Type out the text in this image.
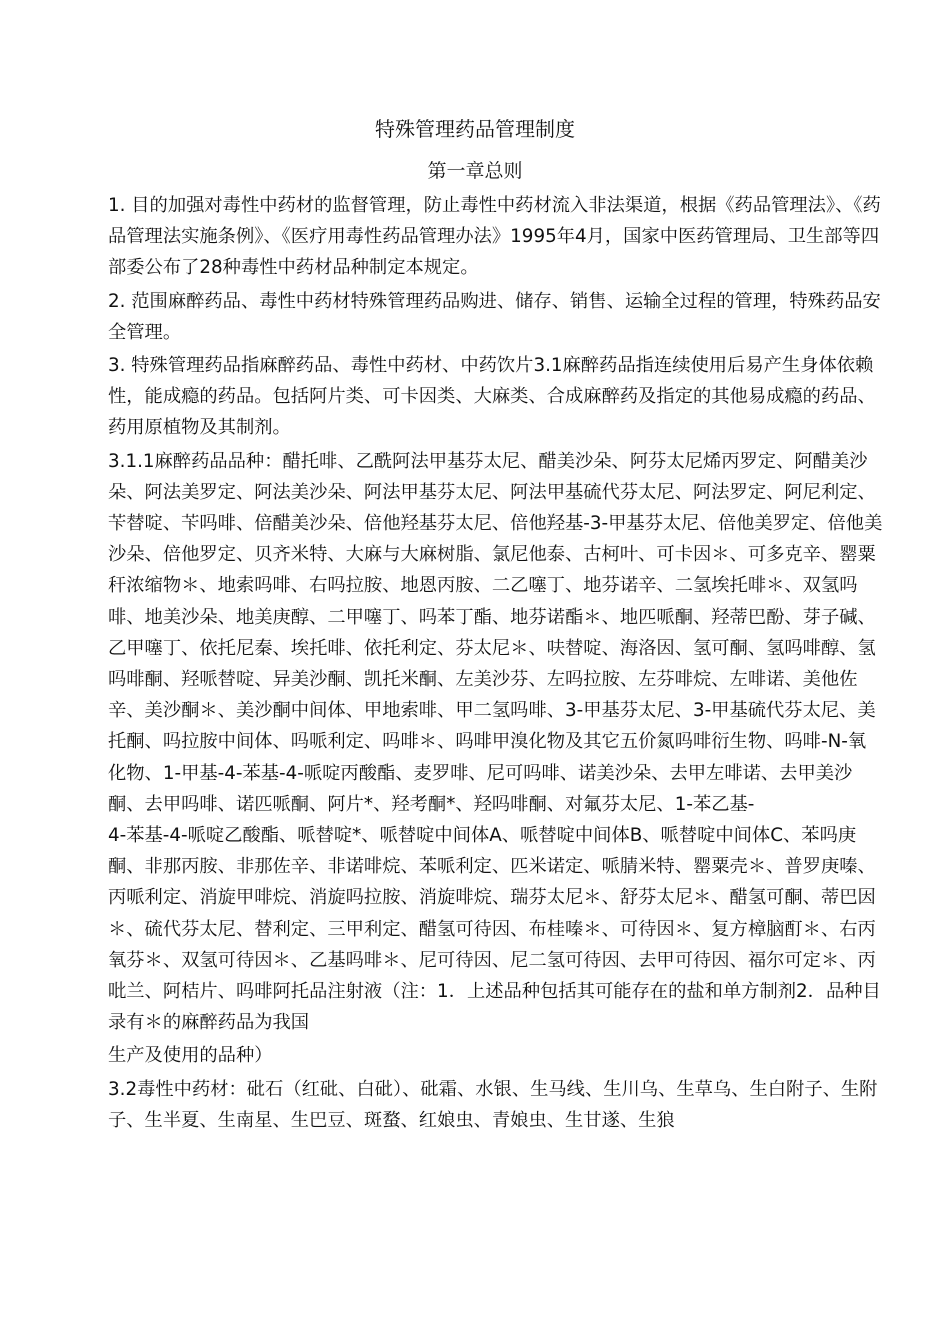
特殊管理药品管理制度
第一章总则

1. 目的加强对毒性中药材的监督管理，防止毒性中药材流入非法渠道，根据《药品管理法》、《药品管理法实施条例》、《医疗用毒性药品管理办法》1995年4月，国家中医药管理局、卫生部等四部委公布了28种毒性中药材品种制定本规定。

2. 范围麻醉药品、毒性中药材特殊管理药品购进、储存、销售、运输全过程的管理，特殊药品安全管理。

3. 特殊管理药品指麻醉药品、毒性中药材、中药饮片3.1麻醉药品指连续使用后易产生身体依赖性，能成瘾的药品。包括阿片类、可卡因类、大麻类、合成麻醉药及指定的其他易成瘾的药品、药用原植物及其制剂。

3.1.1麻醉药品品种：醋托啡、乙酰阿法甲基芬太尼、醋美沙朵、阿芬太尼烯丙罗定、阿醋美沙朵、阿法美罗定、阿法美沙朵、阿法甲基芬太尼、阿法甲基硫代芬太尼、阿法罗定、阿尼利定、苄替啶、苄吗啡、倍醋美沙朵、倍他羟基芬太尼、倍他羟基-3-甲基芬太尼、倍他美罗定、倍他美沙朵、倍他罗定、贝齐米特、大麻与大麻树脂、氯尼他泰、古柯叶、可卡因＊、可多克辛、罂粟秆浓缩物＊、地索吗啡、右吗拉胺、地恩丙胺、二乙噻丁、地芬诺辛、二氢埃托啡＊、双氢吗啡、地美沙朵、地美庚醇、二甲噻丁、吗苯丁酯、地芬诺酯＊、地匹哌酮、羟蒂巴酚、芽子碱、乙甲噻丁、依托尼秦、埃托啡、依托利定、芬太尼＊、呋替啶、海洛因、氢可酮、氢吗啡醇、氢吗啡酮、羟哌替啶、异美沙酮、凯托米酮、左美沙芬、左吗拉胺、左芬啡烷、左啡诺、美他佐辛、美沙酮＊、美沙酮中间体、甲地索啡、甲二氢吗啡、3-甲基芬太尼、3-甲基硫代芬太尼、美托酮、吗拉胺中间体、吗哌利定、吗啡＊、吗啡甲溴化物及其它五价氮吗啡衍生物、吗啡-N-氧化物、1-甲基-4-苯基-4-哌啶丙酸酯、麦罗啡、尼可吗啡、诺美沙朵、去甲左啡诺、去甲美沙酮、去甲吗啡、诺匹哌酮、阿片*、羟考酮*、羟吗啡酮、对氟芬太尼、1-苯乙基-

4-苯基-4-哌啶乙酸酯、哌替啶*、哌替啶中间体A、哌替啶中间体B、哌替啶中间体C、苯吗庚酮、非那丙胺、非那佐辛、非诺啡烷、苯哌利定、匹米诺定、哌腈米特、罂粟壳＊、普罗庚嗪、丙哌利定、消旋甲啡烷、消旋吗拉胺、消旋啡烷、瑞芬太尼＊、舒芬太尼＊、醋氢可酮、蒂巴因＊、硫代芬太尼、替利定、三甲利定、醋氢可待因、布桂嗪＊、可待因＊、复方樟脑酊＊、右丙氧芬＊、双氢可待因＊、乙基吗啡＊、尼可待因、尼二氢可待因、去甲可待因、福尔可定＊、丙吡兰、阿桔片、吗啡阿托品注射液（注：1．上述品种包括其可能存在的盐和单方制剂2．品种目录有＊的麻醉药品为我国

生产及使用的品种）

3.2毒性中药材：砒石（红砒、白砒）、砒霜、水银、生马线、生川乌、生草乌、生白附子、生附子、生半夏、生南星、生巴豆、斑蝥、红娘虫、青娘虫、生甘遂、生狼
